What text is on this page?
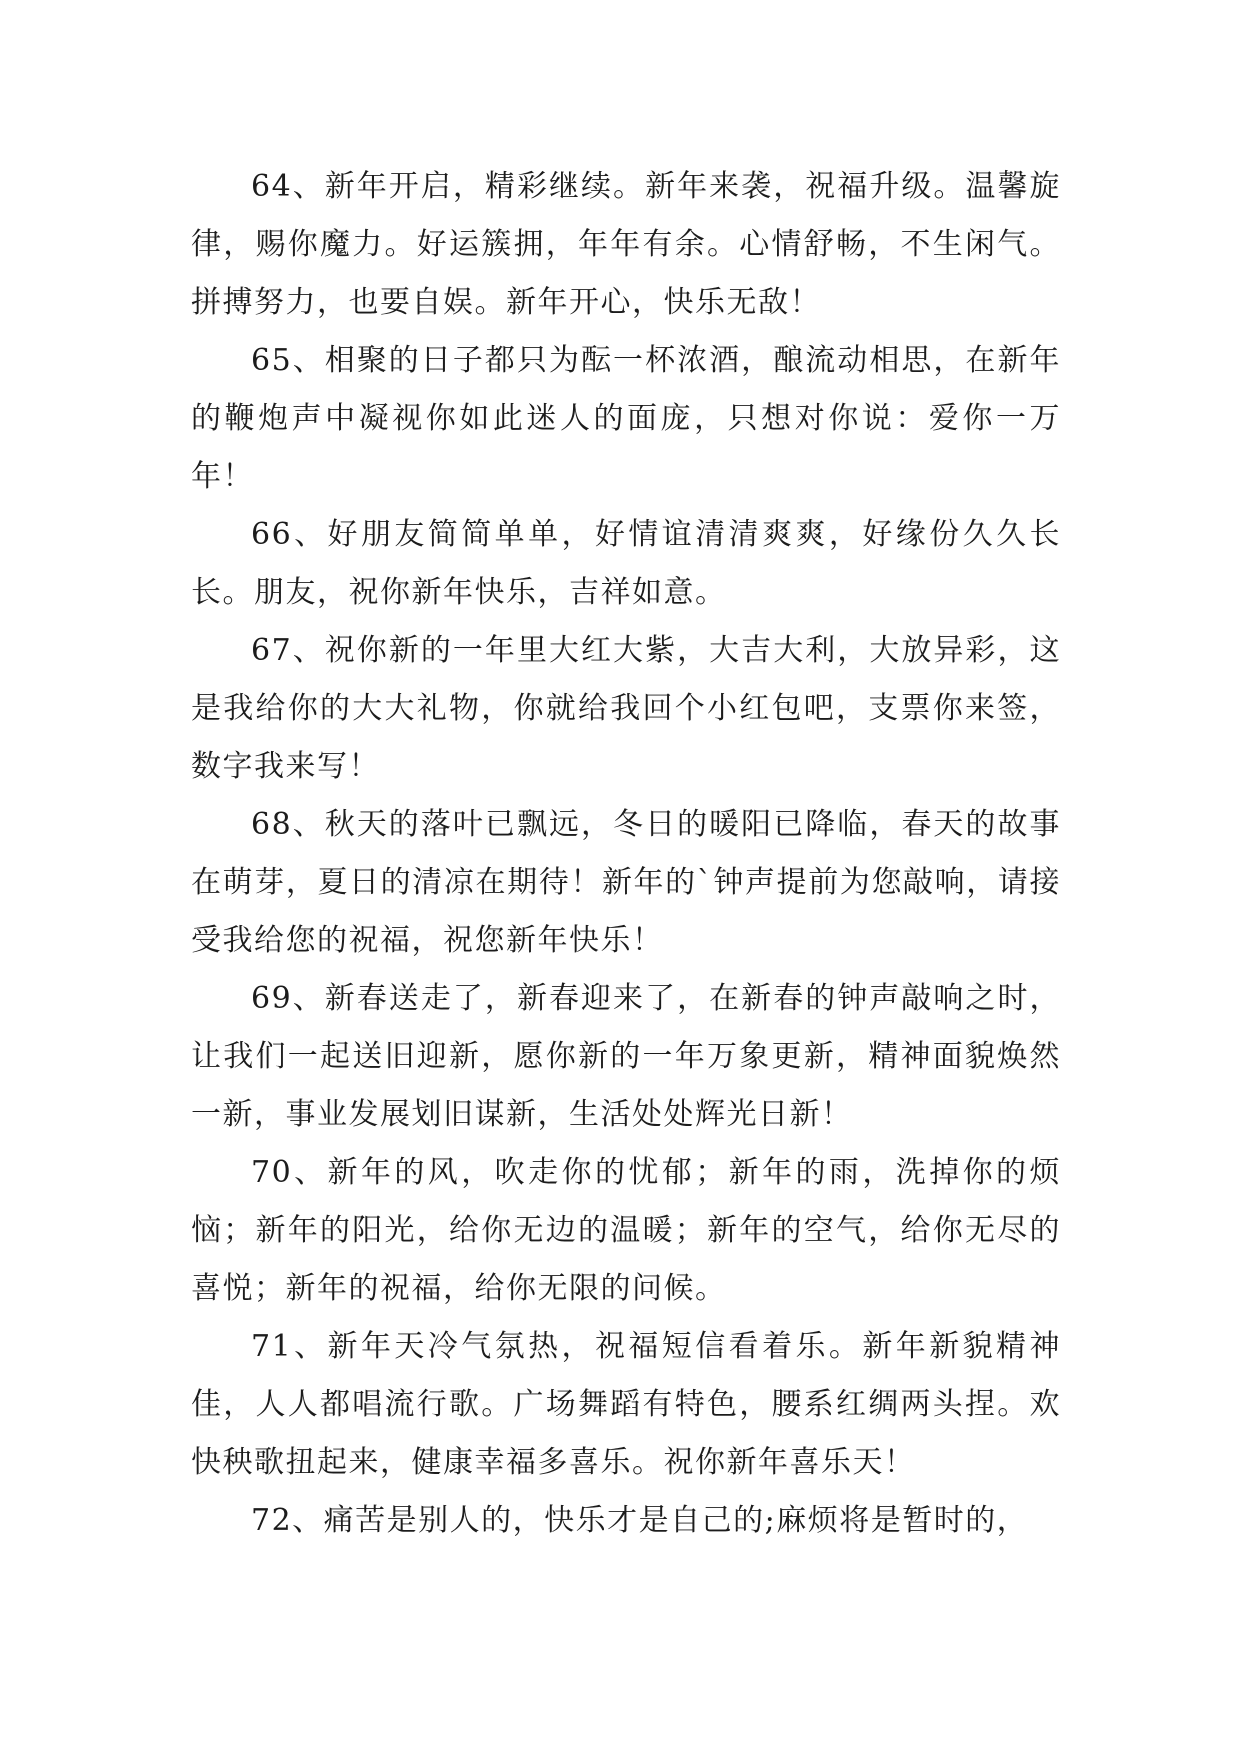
64、新年开启，精彩继续。新年来袭，祝福升级。温馨旋律，赐你魔力。好运簇拥，年年有余。心情舒畅，不生闲气。拼搏努力，也要自娱。新年开心，快乐无敌！

65、相聚的日子都只为酝一杯浓酒，酿流动相思，在新年的鞭炮声中凝视你如此迷人的面庞，只想对你说：爱你一万年！

66、好朋友简简单单，好情谊清清爽爽，好缘份久久长长。朋友，祝你新年快乐，吉祥如意。

67、祝你新的一年里大红大紫，大吉大利，大放异彩，这是我给你的大大礼物，你就给我回个小红包吧，支票你来签，数字我来写！

68、秋天的落叶已飘远，冬日的暖阳已降临，春天的故事在萌芽，夏日的清凉在期待！新年的`钟声提前为您敲响，请接受我给您的祝福，祝您新年快乐！

69、新春送走了，新春迎来了，在新春的钟声敲响之时，让我们一起送旧迎新，愿你新的一年万象更新，精神面貌焕然一新，事业发展划旧谋新，生活处处辉光日新！

70、新年的风，吹走你的忧郁；新年的雨，洗掉你的烦恼；新年的阳光，给你无边的温暖；新年的空气，给你无尽的喜悦；新年的祝福，给你无限的问候。

71、新年天冷气氛热，祝福短信看着乐。新年新貌精神佳，人人都唱流行歌。广场舞蹈有特色，腰系红绸两头捏。欢快秧歌扭起来，健康幸福多喜乐。祝你新年喜乐天！

72、痛苦是别人的，快乐才是自己的;麻烦将是暂时的，
